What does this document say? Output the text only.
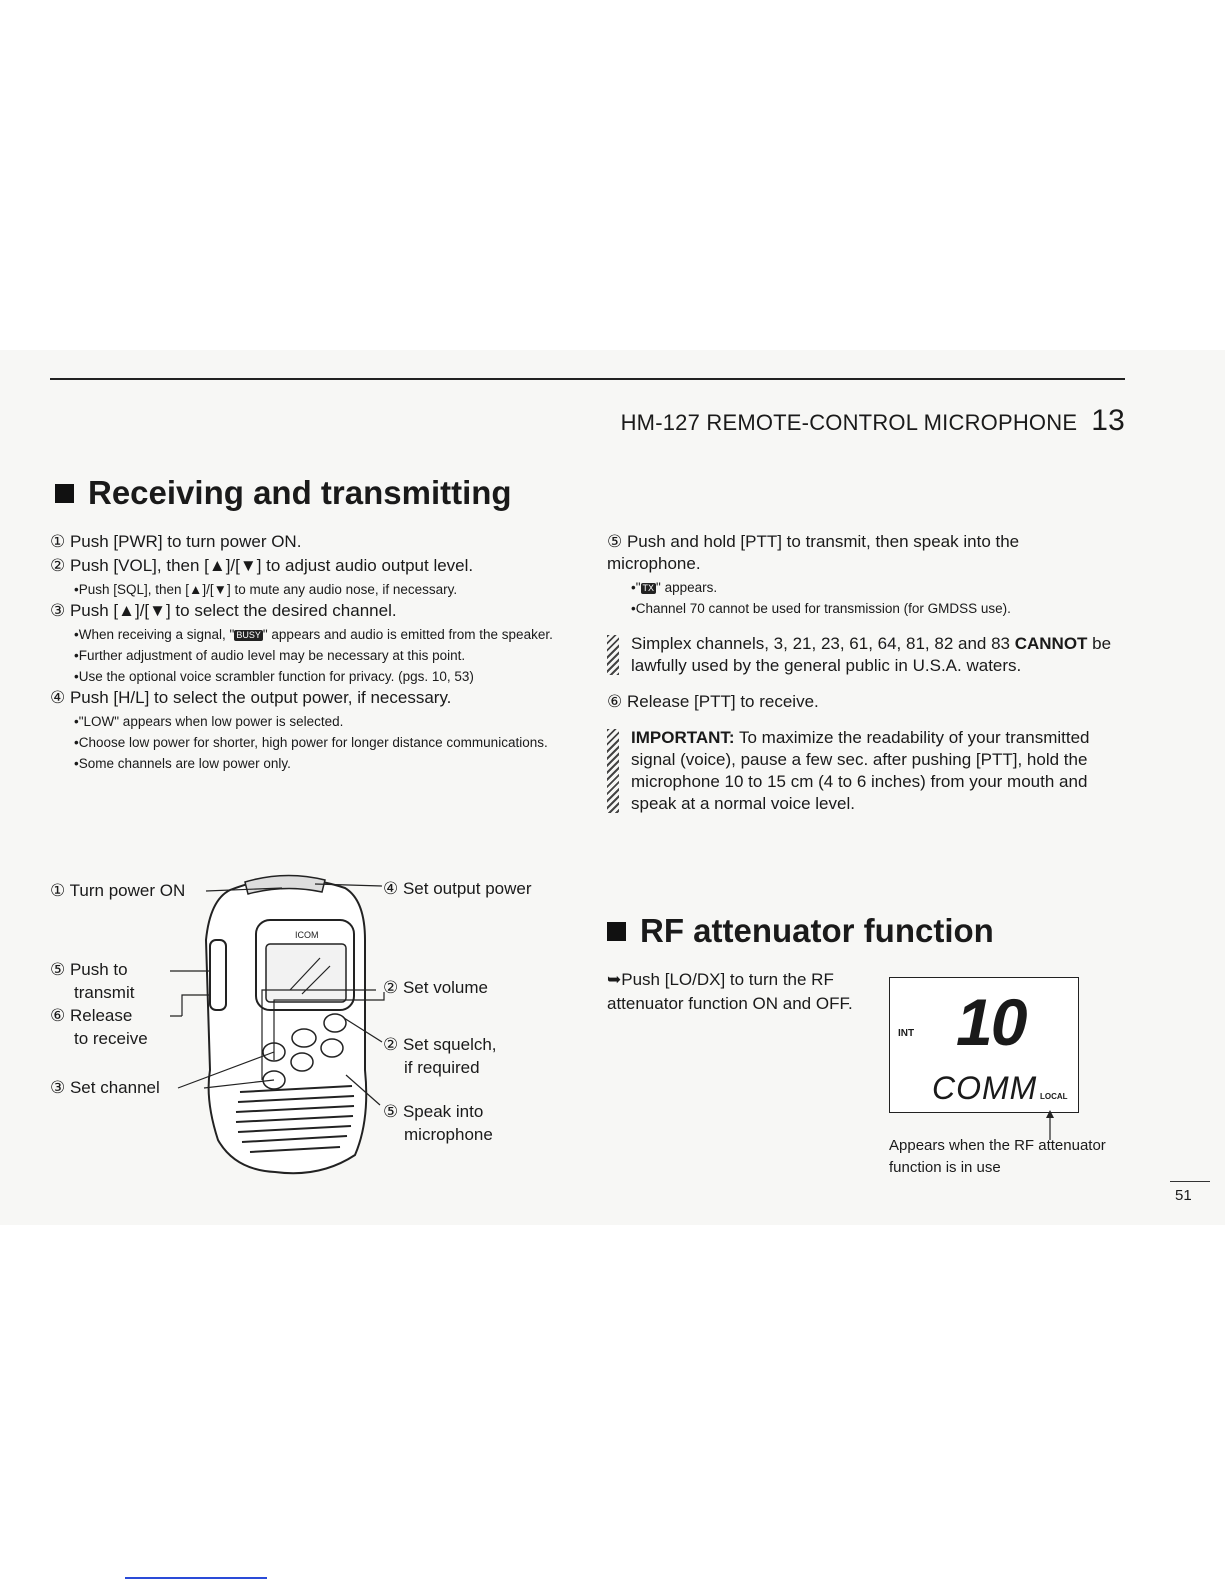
HM-127 REMOTE-CONTROL MICROPHONE 13
Receiving and transmitting
① Push [PWR] to turn power ON.
② Push [VOL], then [▲]/[▼] to adjust audio output level.
•Push [SQL], then [▲]/[▼] to mute any audio nose, if necessary.
③ Push [▲]/[▼] to select the desired channel.
•When receiving a signal, " BUSY " appears and audio is emitted from the speaker.
•Further adjustment of audio level may be necessary at this point.
•Use the optional voice scrambler function for privacy. (pgs. 10, 53)
④ Push [H/L] to select the output power, if necessary.
•"LOW" appears when low power is selected.
•Choose low power for shorter, high power for longer distance communications.
•Some channels are low power only.
ICOM
① Turn power ON
⑤ Push to
transmit
⑥ Release
to receive
③ Set channel
④ Set output power
② Set volume
② Set squelch,
if required
⑤ Speak into
microphone
⑤ Push and hold [PTT] to transmit, then speak into the microphone.
•" TX " appears.
•Channel 70 cannot be used for transmission (for GMDSS use).
Simplex channels, 3, 21, 23, 61, 64, 81, 82 and 83 CANNOT be lawfully used by the general public in U.S.A. waters.
⑥ Release [PTT] to receive.
IMPORTANT: To maximize the readability of your transmitted signal (voice), pause a few sec. after pushing [PTT], hold the microphone 10 to 15 cm (4 to 6 inches) from your mouth and speak at a normal voice level.
RF attenuator function
➥Push [LO/DX] to turn the RF attenuator function ON and OFF.
INT 10
COMM LOCAL
Appears when the RF attenuator function is in use
51
